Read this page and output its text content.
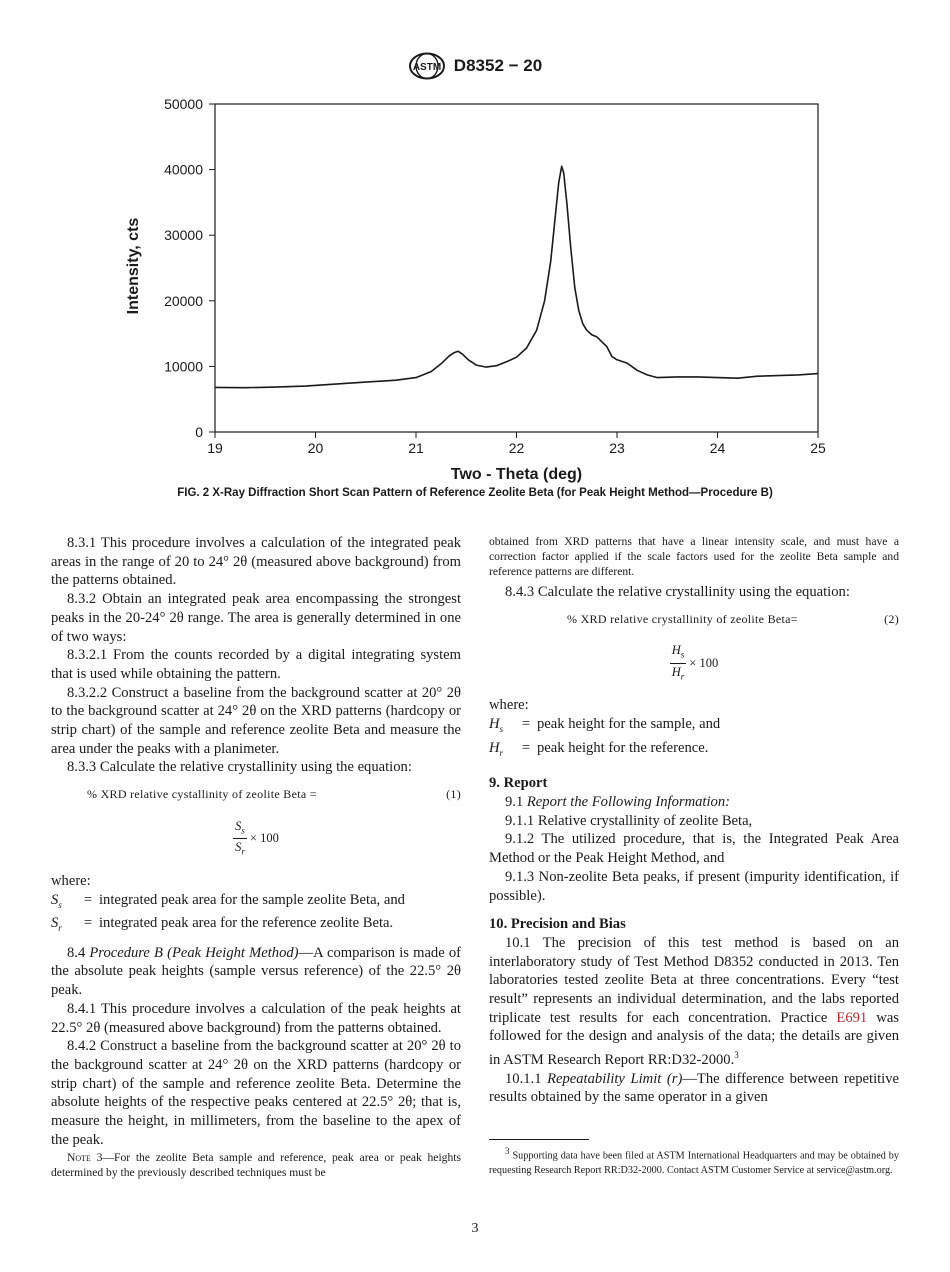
ASTM D8352 − 20
0
10000
20000
30000
40000
50000
19	20	21	22	23	24	25
Two - Theta (deg)
Intensity, cts
FIG. 2 X-Ray Diffraction Short Scan Pattern of Reference Zeolite Beta (for Peak Height Method—Procedure B)

8.3.1 This procedure involves a calculation of the integrated peak areas in the range of 20 to 24° 2θ (measured above background) from the patterns obtained.

8.3.2 Obtain an integrated peak area encompassing the strongest peaks in the 20-24° 2θ range. The area is generally determined in one of two ways:

8.3.2.1 From the counts recorded by a digital integrating system that is used while obtaining the pattern.

8.3.2.2 Construct a baseline from the background scatter at 20° 2θ to the background scatter at 24° 2θ on the XRD patterns (hardcopy or strip chart) of the sample and reference zeolite Beta and measure the area under the peaks with a planimeter.

8.3.3 Calculate the relative crystallinity using the equation:

% XRD relative cystallinity of zeolite Beta =	(1)
$\frac{S_s}{S_r} \times 100$
where:
$S_s$	= integrated peak area for the sample zeolite Beta, and
$S_r$	= integrated peak area for the reference zeolite Beta.

8.4 Procedure B (Peak Height Method)—A comparison is made of the absolute peak heights (sample versus reference) of the 22.5° 2θ peak.

8.4.1 This procedure involves a calculation of the peak heights at 22.5° 2θ (measured above background) from the patterns obtained.

8.4.2 Construct a baseline from the background scatter at 20° 2θ to the background scatter at 24° 2θ on the XRD patterns (hardcopy or strip chart) of the sample and reference zeolite Beta. Determine the absolute heights of the respective peaks centered at 22.5° 2θ; that is, measure the height, in millimeters, from the baseline to the apex of the peak.

Note 3—For the zeolite Beta sample and reference, peak area or peak heights determined by the previously described techniques must be

obtained from XRD patterns that have a linear intensity scale, and must have a correction factor applied if the scale factors used for the zeolite Beta sample and reference patterns are different.

8.4.3 Calculate the relative crystallinity using the equation:

% XRD relative crystallinity of zeolite Beta=	(2)
$\frac{H_s}{H_r} \times 100$
where:
$H_s$	= peak height for the sample, and
$H_r$	= peak height for the reference.

9. Report

9.1 Report the Following Information:

9.1.1 Relative crystallinity of zeolite Beta,

9.1.2 The utilized procedure, that is, the Integrated Peak Area Method or the Peak Height Method, and

9.1.3 Non-zeolite Beta peaks, if present (impurity identification, if possible).

10. Precision and Bias

10.1 The precision of this test method is based on an interlaboratory study of Test Method D8352 conducted in 2013. Ten laboratories tested zeolite Beta at three concentrations. Every “test result” represents an individual determination, and the labs reported triplicate test results for each concentration. Practice E691 was followed for the design and analysis of the data; the details are given in ASTM Research Report RR:D32-2000.$^3$

10.1.1 Repeatability Limit (r)—The difference between repetitive results obtained by the same operator in a given

$^3$ Supporting data have been filed at ASTM International Headquarters and may be obtained by requesting Research Report RR:D32-2000. Contact ASTM Customer Service at service@astm.org.

3
